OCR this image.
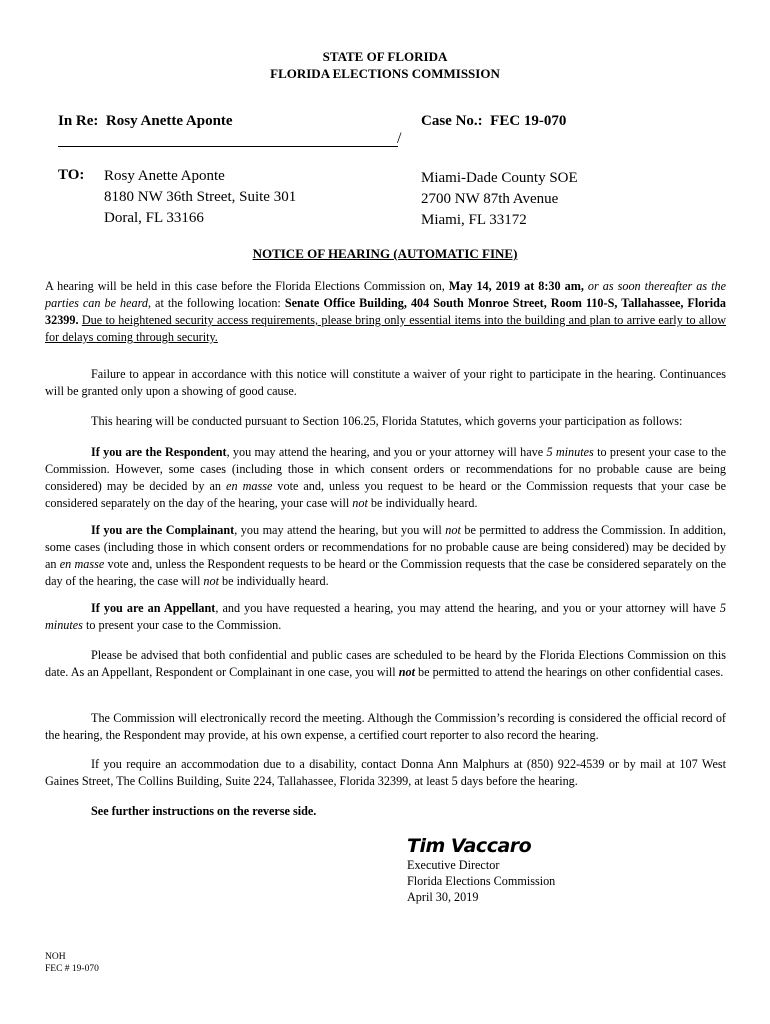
STATE OF FLORIDA
FLORIDA ELECTIONS COMMISSION
In Re: Rosy Anette Aponte	Case No.: FEC 19-070
/
TO: Rosy Anette Aponte
8180 NW 36th Street, Suite 301
Doral, FL 33166
Miami-Dade County SOE
2700 NW 87th Avenue
Miami, FL 33172
NOTICE OF HEARING (AUTOMATIC FINE)
A hearing will be held in this case before the Florida Elections Commission on, May 14, 2019 at 8:30 am, or as soon thereafter as the parties can be heard, at the following location: Senate Office Building, 404 South Monroe Street, Room 110-S, Tallahassee, Florida 32399. Due to heightened security access requirements, please bring only essential items into the building and plan to arrive early to allow for delays coming through security.
Failure to appear in accordance with this notice will constitute a waiver of your right to participate in the hearing. Continuances will be granted only upon a showing of good cause.
This hearing will be conducted pursuant to Section 106.25, Florida Statutes, which governs your participation as follows:
If you are the Respondent, you may attend the hearing, and you or your attorney will have 5 minutes to present your case to the Commission. However, some cases (including those in which consent orders or recommendations for no probable cause are being considered) may be decided by an en masse vote and, unless you request to be heard or the Commission requests that your case be considered separately on the day of the hearing, your case will not be individually heard.
If you are the Complainant, you may attend the hearing, but you will not be permitted to address the Commission. In addition, some cases (including those in which consent orders or recommendations for no probable cause are being considered) may be decided by an en masse vote and, unless the Respondent requests to be heard or the Commission requests that the case be considered separately on the day of the hearing, the case will not be individually heard.
If you are an Appellant, and you have requested a hearing, you may attend the hearing, and you or your attorney will have 5 minutes to present your case to the Commission.
Please be advised that both confidential and public cases are scheduled to be heard by the Florida Elections Commission on this date. As an Appellant, Respondent or Complainant in one case, you will not be permitted to attend the hearings on other confidential cases.
The Commission will electronically record the meeting. Although the Commission’s recording is considered the official record of the hearing, the Respondent may provide, at his own expense, a certified court reporter to also record the hearing.
If you require an accommodation due to a disability, contact Donna Ann Malphurs at (850) 922-4539 or by mail at 107 West Gaines Street, The Collins Building, Suite 224, Tallahassee, Florida 32399, at least 5 days before the hearing.
See further instructions on the reverse side.
Tim Vaccaro
Executive Director
Florida Elections Commission
April 30, 2019
NOH
FEC # 19-070
